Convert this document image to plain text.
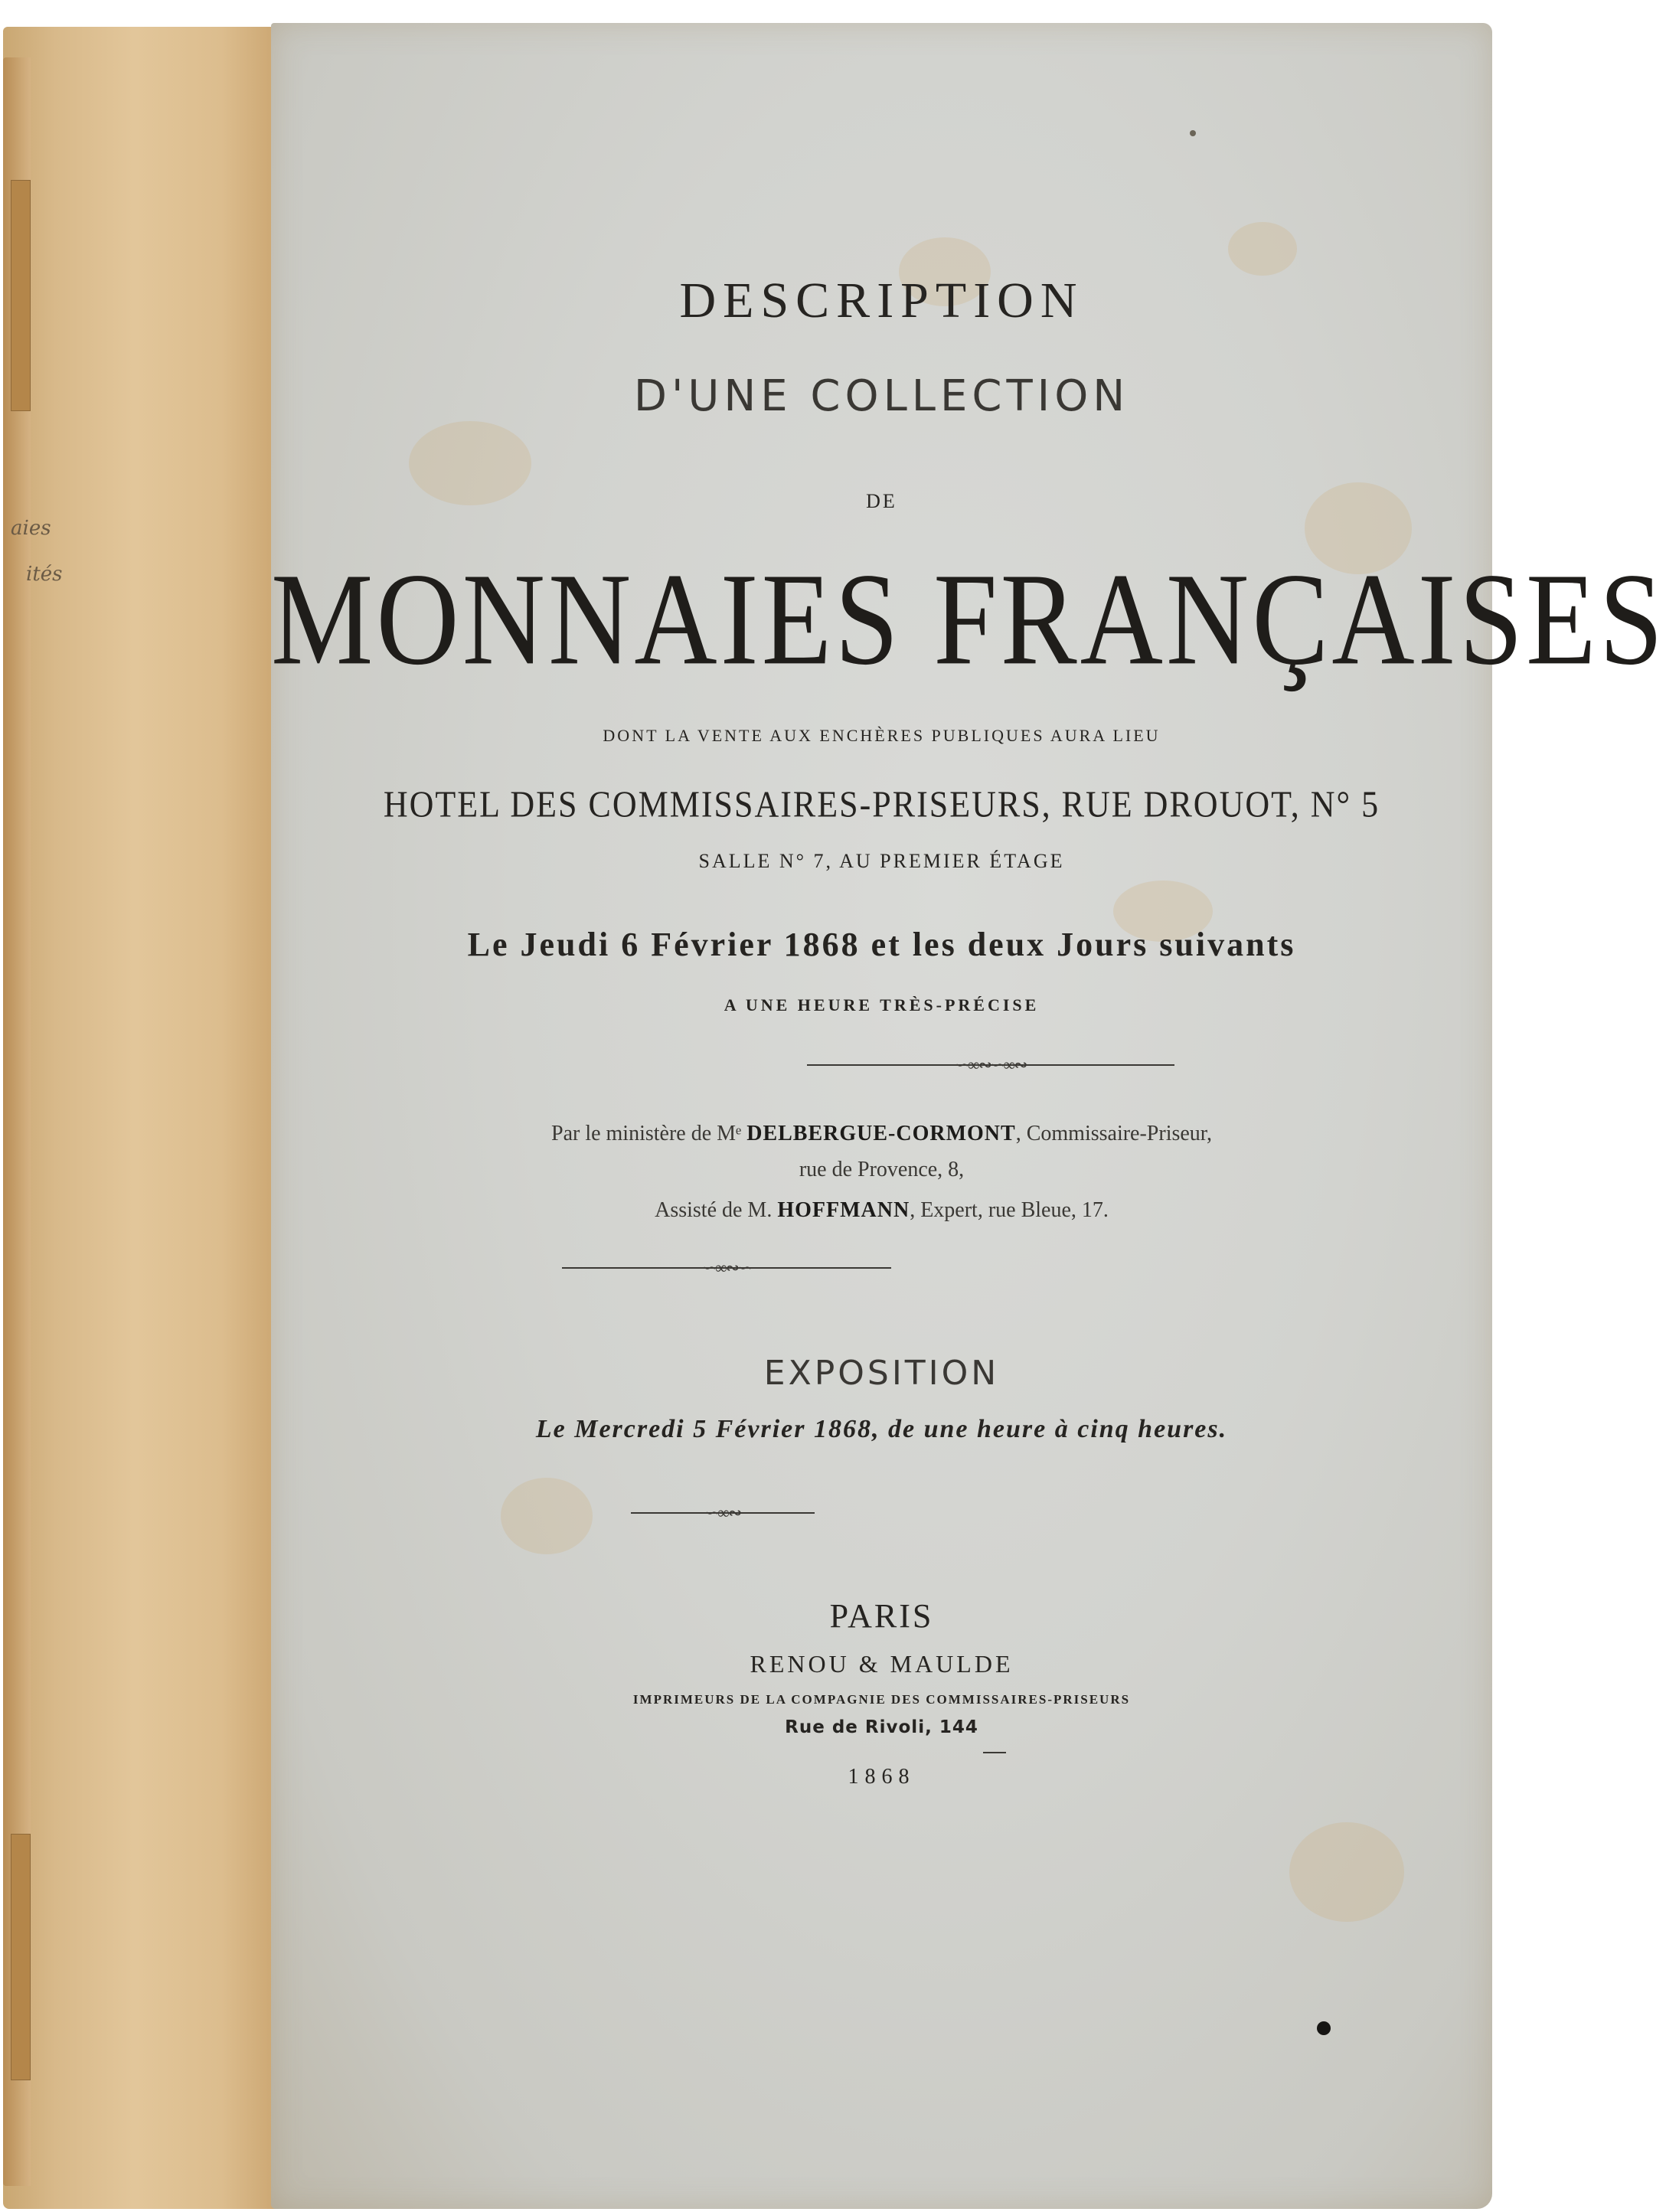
aies
ités
DESCRIPTION
D'UNE COLLECTION
DE
MONNAIES FRANÇAISES
DONT LA VENTE AUX ENCHÈRES PUBLIQUES AURA LIEU
HOTEL DES COMMISSAIRES-PRISEURS, RUE DROUOT, N° 5
SALLE N° 7, AU PREMIER ÉTAGE
Le Jeudi 6 Février 1868 et les deux Jours suivants
A UNE HEURE TRÈS-PRÉCISE
∽∞∾∽∞∾
Par le ministère de Mᵉ DELBERGUE-CORMONT, Commissaire-Priseur,
rue de Provence, 8,
Assisté de M. HOFFMANN, Expert, rue Bleue, 17.
∽∞∾∽
EXPOSITION
Le Mercredi 5 Février 1868, de une heure à cinq heures.
∽∞∾
PARIS
RENOU & MAULDE
IMPRIMEURS DE LA COMPAGNIE DES COMMISSAIRES-PRISEURS
Rue de Rivoli, 144
1868
